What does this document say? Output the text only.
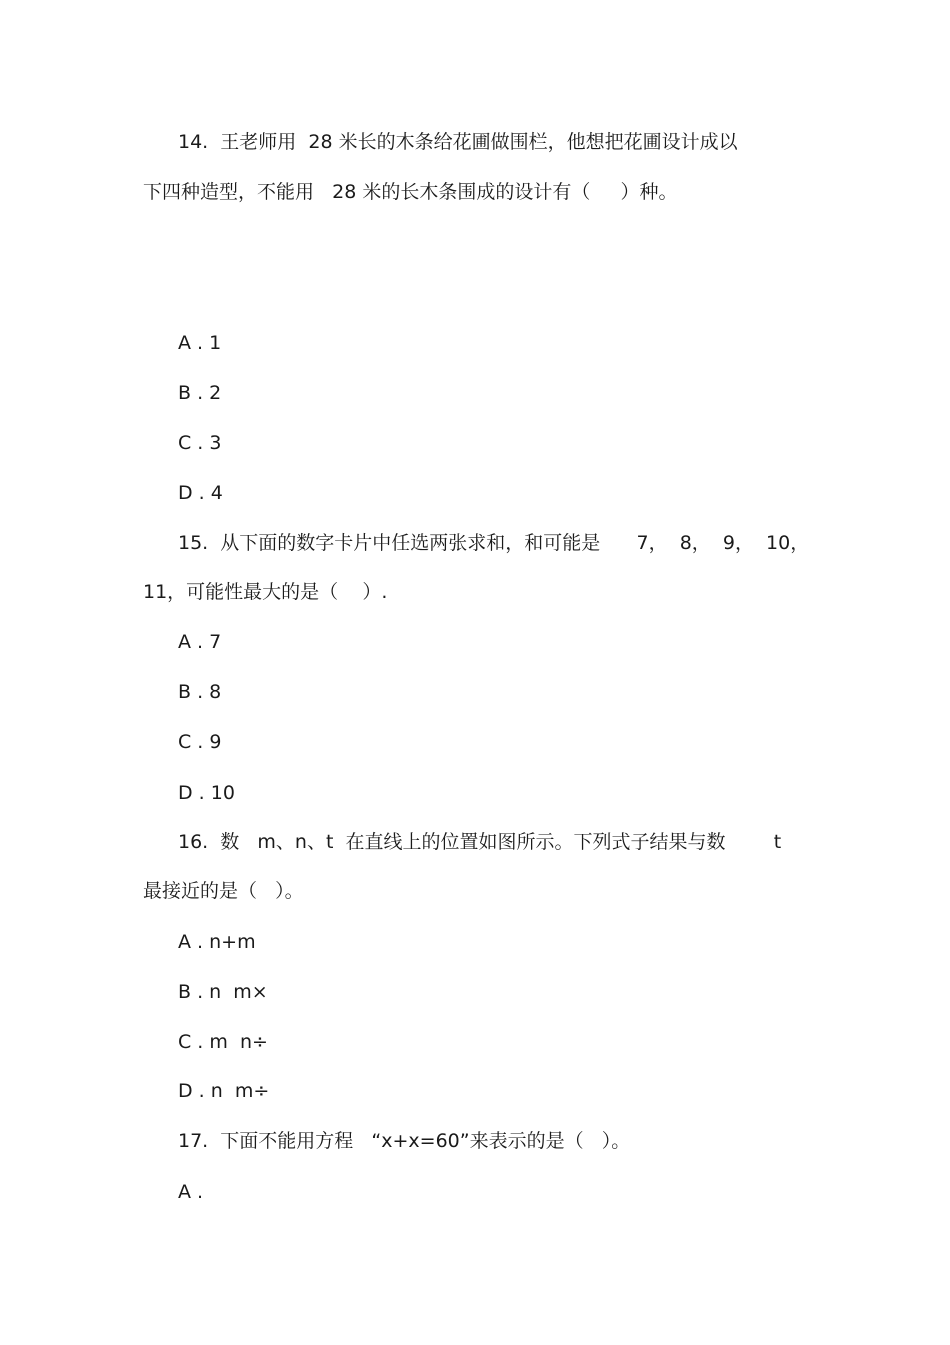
14.  王老师用  28 米长的木条给花圃做围栏，他想把花圃设计成以
下四种造型，不能用   28 米的长木条围成的设计有（     ）种。
A . 1
B . 2
C . 3
D . 4
15.  从下面的数字卡片中任选两张求和，和可能是      7，  8，  9，  10，
11，可能性最大的是（    ）.
A . 7
B . 8
C . 9
D . 10
16.  数   m、n、t  在直线上的位置如图所示。下列式子结果与数        t
最接近的是（   ）。
A . n+m
B . n  m×
C . m  n÷
D . n  m÷
17.  下面不能用方程   “x+x=60”来表示的是（   ）。
A .
